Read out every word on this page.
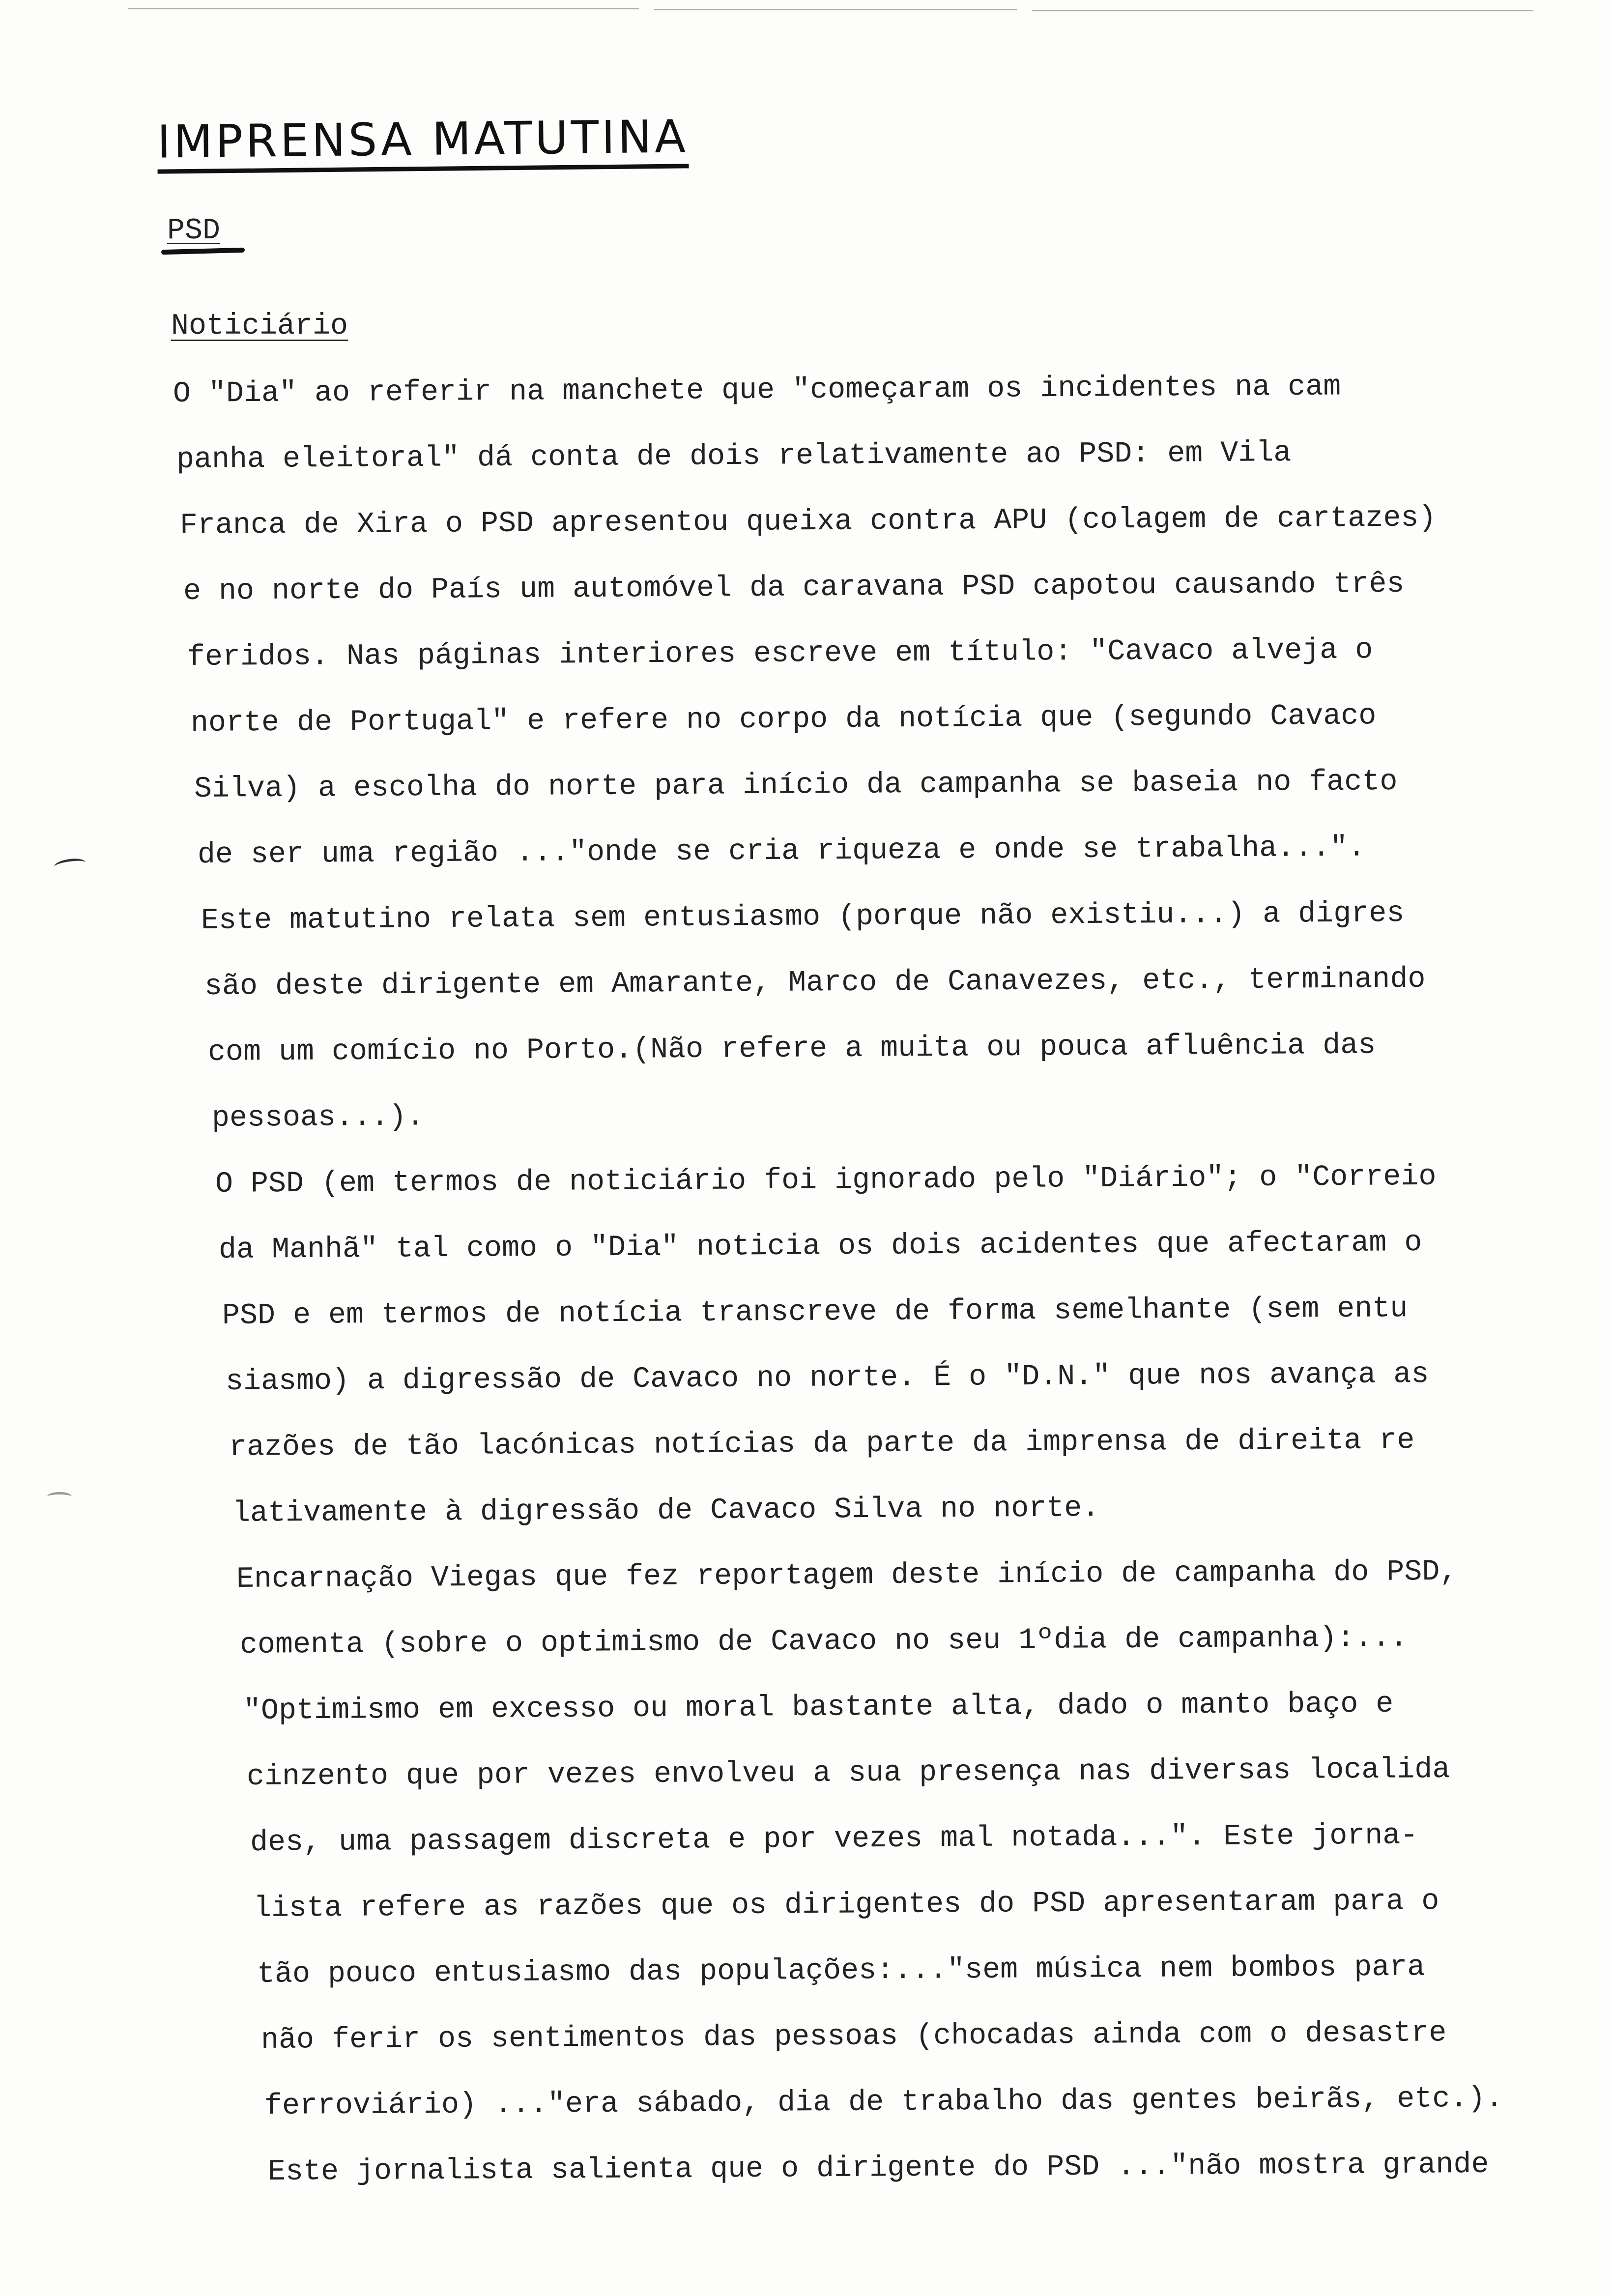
IMPRENSA MATUTINA
PSD
Noticiário
O "Dia" ao referir na manchete que "começaram os incidentes na cam
panha eleitoral" dá conta de dois relativamente ao PSD: em Vila
Franca de Xira o PSD apresentou queixa contra APU (colagem de cartazes)
e no norte do País um automóvel da caravana PSD capotou causando três
feridos. Nas páginas interiores escreve em título: "Cavaco alveja o
norte de Portugal" e refere no corpo da notícia que (segundo Cavaco
Silva) a escolha do norte para início da campanha se baseia no facto
de ser uma região ..."onde se cria riqueza e onde se trabalha...".
Este matutino relata sem entusiasmo (porque não existiu...) a digres
são deste dirigente em Amarante, Marco de Canavezes, etc., terminando
com um comício no Porto.(Não refere a muita ou pouca afluência das
pessoas...).
O PSD (em termos de noticiário foi ignorado pelo "Diário"; o "Correio
da Manhã" tal como o "Dia" noticia os dois acidentes que afectaram o
PSD e em termos de notícia transcreve de forma semelhante (sem entu
siasmo) a digressão de Cavaco no norte. É o "D.N." que nos avança as
razões de tão lacónicas notícias da parte da imprensa de direita re
lativamente à digressão de Cavaco Silva no norte.
Encarnação Viegas que fez reportagem deste início de campanha do PSD,
comenta (sobre o optimismo de Cavaco no seu 1ºdia de campanha):...
"Optimismo em excesso ou moral bastante alta, dado o manto baço e
cinzento que por vezes envolveu a sua presença nas diversas localida
des, uma passagem discreta e por vezes mal notada...". Este jorna-
lista refere as razões que os dirigentes do PSD apresentaram para o
tão pouco entusiasmo das populações:..."sem música nem bombos para
não ferir os sentimentos das pessoas (chocadas ainda com o desastre
ferroviário) ..."era sábado, dia de trabalho das gentes beirãs, etc.).
Este jornalista salienta que o dirigente do PSD ..."não mostra grande
